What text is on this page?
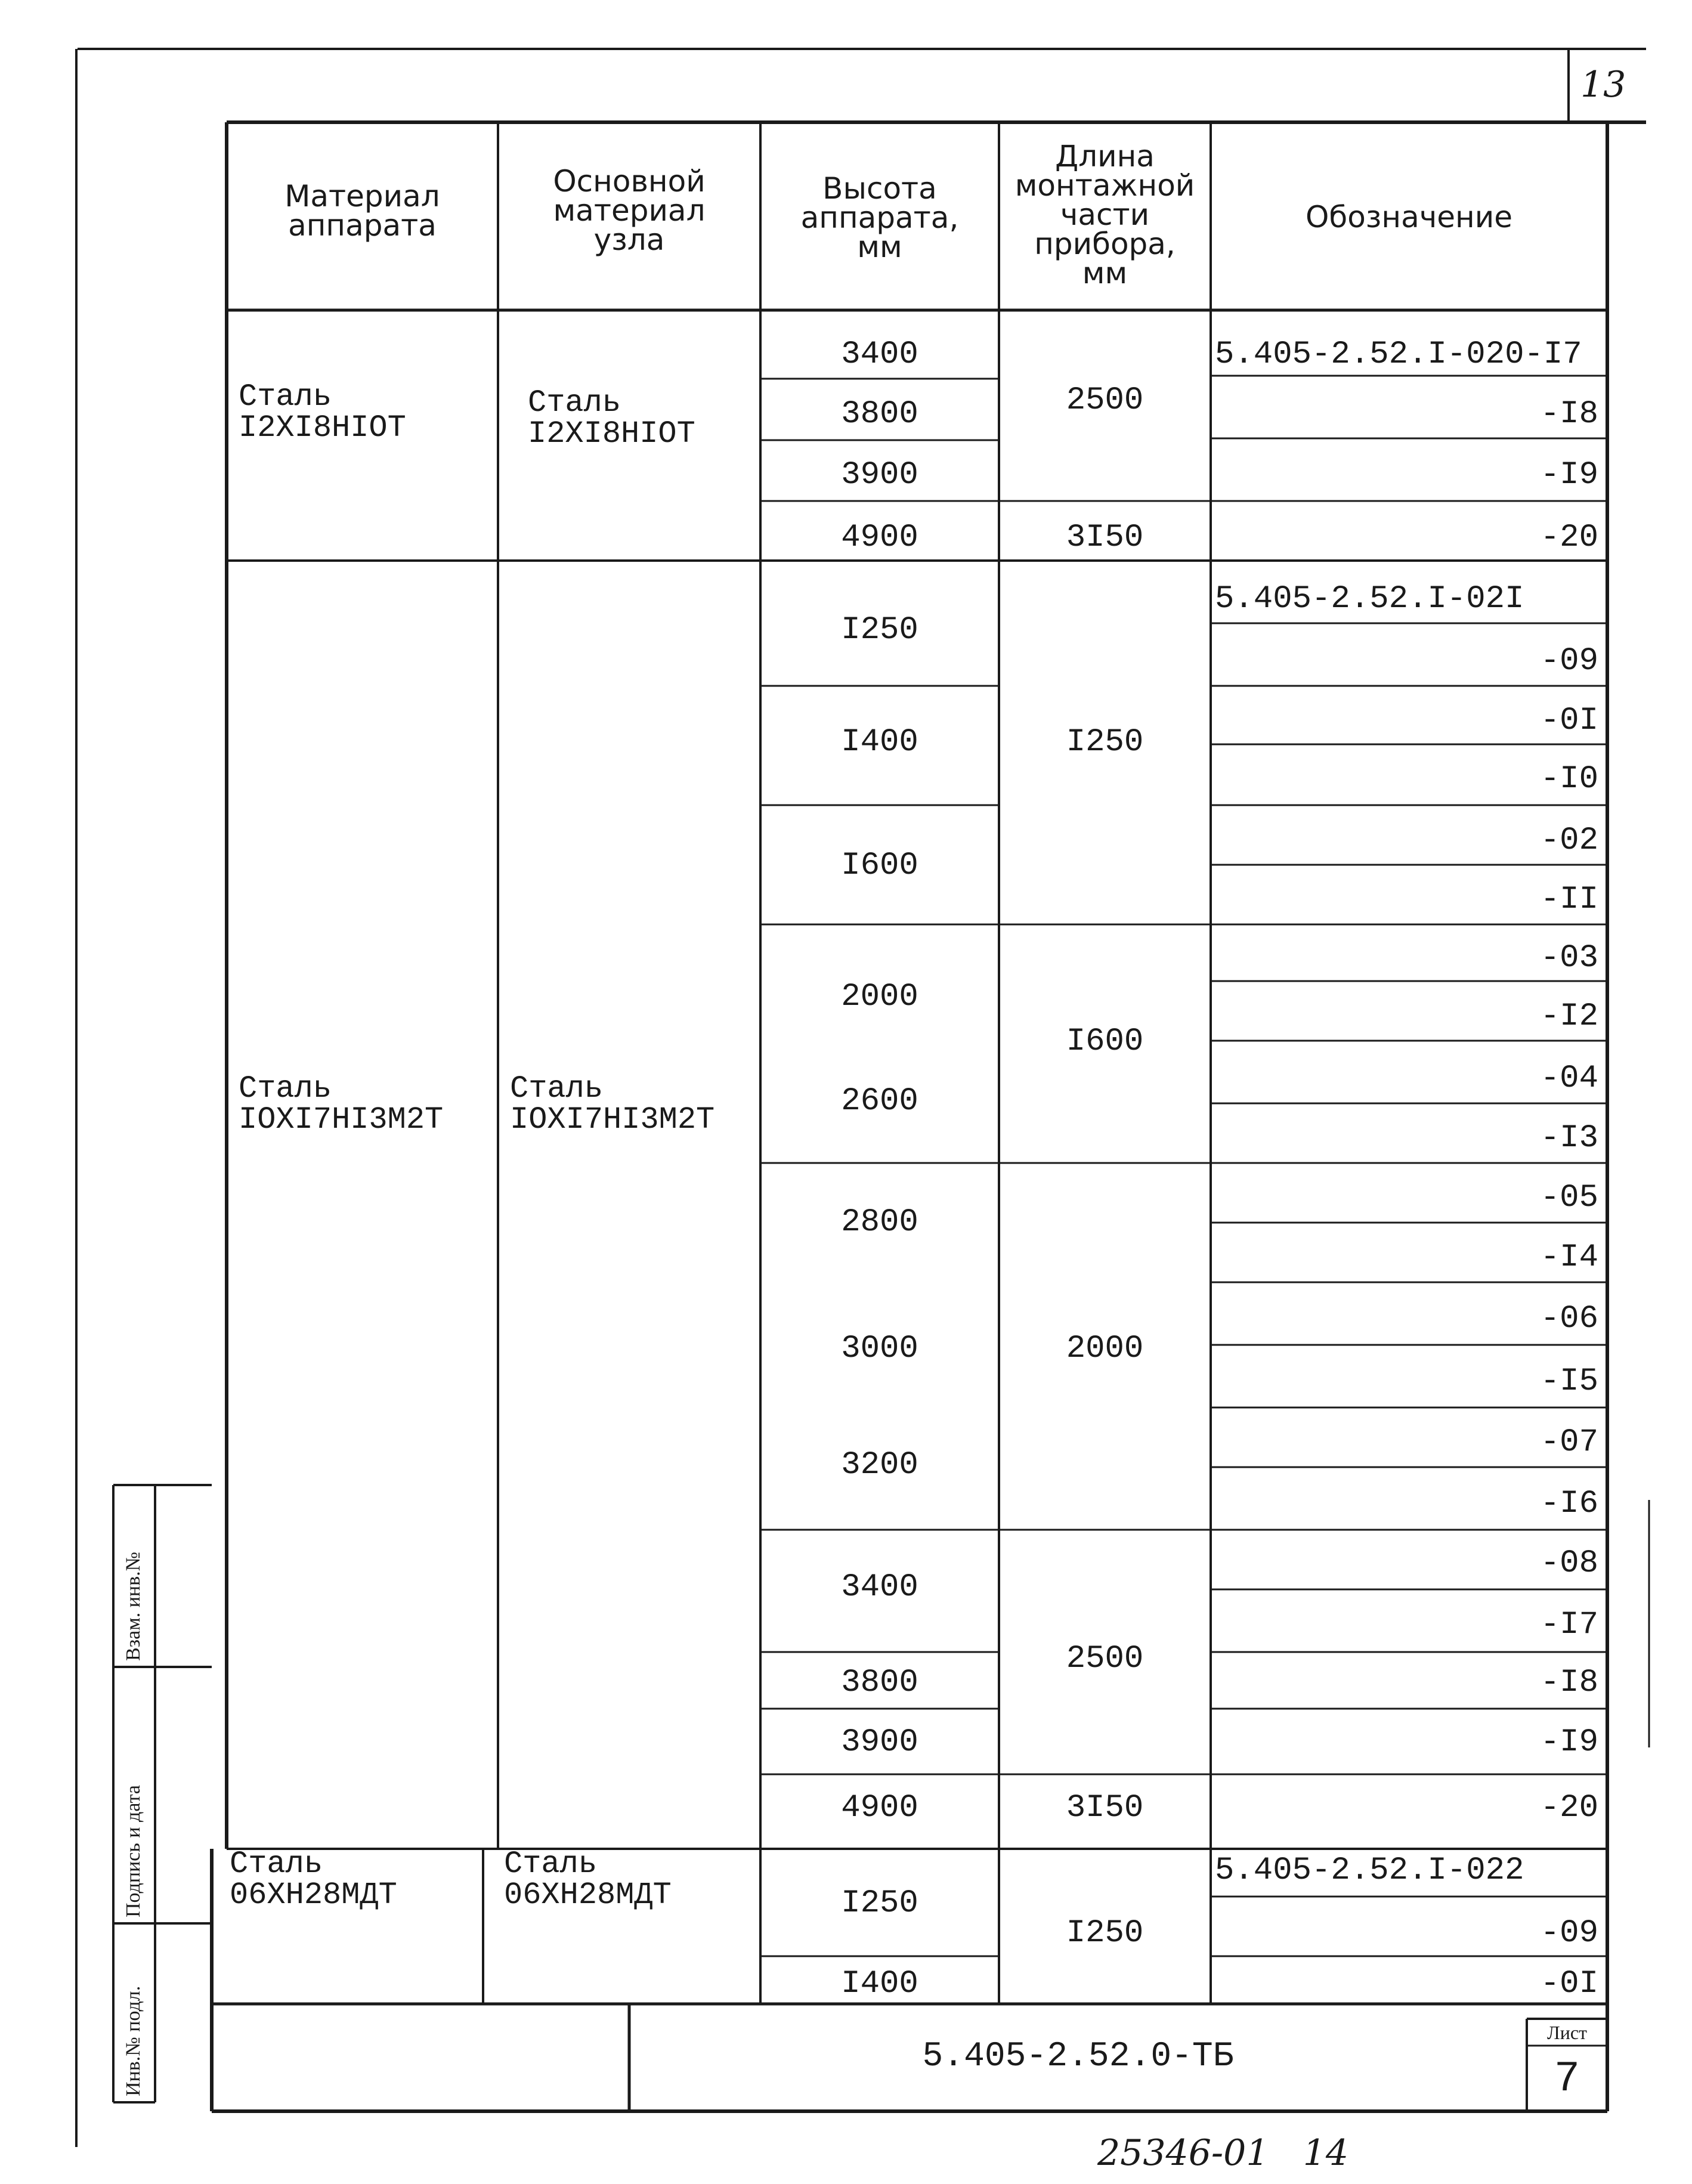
13
Материал
аппарата
Основной
материал
узла
Высота
аппарата,
мм
Длина
монтажной
части
прибора,
мм
Обозначение
Сталь
I2XI8HIOT
Сталь
IOXI7HI3M2T
Сталь
06XH28МДТ
Сталь
I2XI8HIOT
Сталь
IOXI7HI3M2T
Сталь
06XH28МДТ
3400
3800
3900
4900
I250
I400
I600
2000
2600
2800
3000
3200
3400
3800
3900
4900
I250
I400
2500
3I50
I250
I600
2000
2500
3I50
I250
5.405-2.52.I-020-I7
-I8
-I9
-20
5.405-2.52.I-02I
-09
-0I
-I0
-02
-II
-03
-I2
-04
-I3
-05
-I4
-06
-I5
-07
-I6
-08
-I7
-I8
-I9
-20
5.405-2.52.I-022
-09
-0I
5.405-2.52.0-ТБ
Лист
7
Инв.№ подл.
Подпись и дата
Взам. инв.№
25346-01   14
